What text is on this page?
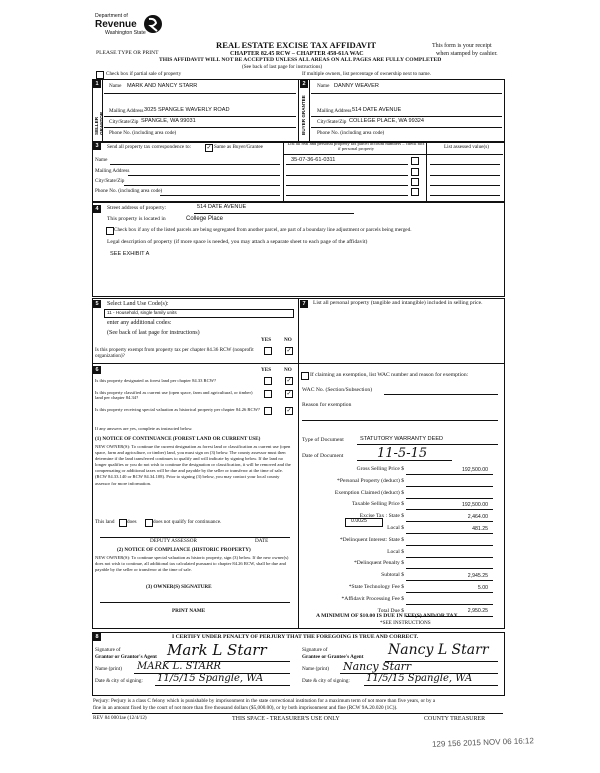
Department of
Revenue
Washington State
PLEASE TYPE OR PRINT
REAL ESTATE EXCISE TAX AFFIDAVIT
CHAPTER 82.45 RCW – CHAPTER 458-61A WAC
THIS AFFIDAVIT WILL NOT BE ACCEPTED UNLESS ALL AREAS ON ALL PAGES ARE FULLY COMPLETED
(See back of last page for instructions)
This form is your receipt
when stamped by cashier.
Check box if partial sale of property	If multiple owners, list percentage of ownership next to name.
1
SELLER GRANTOR
Name MARK AND NANCY STARR
Mailing Address 3025 SPANGLE WAVERLY ROAD
City/State/Zip SPANGLE, WA 99031
Phone No. (including area code)
2
BUYER GRANTEE
Name DANNY WEAVER
Mailing Address 514 DATE AVENUE
City/State/Zip COLLEGE PLACE, WA 99324
Phone No. (including area code)
3	Send all property tax correspondence to:	✓ Same as Buyer/Grantee
List all real and personal property tax parcel account numbers – check box if personal property	List assessed value(s)
35-07-36-61-0311
Name
Mailing Address
City/State/Zip
Phone No. (including area code)
4	Street address of property:	514 DATE AVENUE
This property is located in	College Place
Check box if any of the listed parcels are being segregated from another parcel, are part of a boundary line adjustment or parcels being merged.
Legal description of property (if more space is needed, you may attach a separate sheet to each page of the affidavit)
SEE EXHIBIT A
5	Select Land Use Code(s):
11 - Household, single family units
enter any additional codes:
(See back of last page for instructions)
YES NO
Is this property exempt from property tax per chapter 84.36 RCW (nonprofit organization)?
✓
6	YES NO
Is this property designated as forest land per chapter 84.33 RCW?	✓
Is this property classified as current use (open space, farm and agricultural, or timber) land per chapter 84.34?
✓
Is this property receiving special valuation as historical property per chapter 84.26 RCW?	✓
If any answers are yes, complete as instructed below.
(1) NOTICE OF CONTINUANCE (FOREST LAND OR CURRENT USE)
NEW OWNER(S): To continue the current designation as forest land or classification as current use (open space, farm and agriculture, or timber) land, you must sign on (3) below. The county assessor must then determine if the land transferred continues to qualify and will indicate by signing below. If the land no longer qualifies or you do not wish to continue the designation or classification, it will be removed and the compensating or additional taxes will be due and payable by the seller or transferor at the time of sale. (RCW 84.33.140 or RCW 84.34.108). Prior to signing (3) below, you may contact your local county assessor for more information.
This land does	does not qualify for continuance.
DEPUTY ASSESSOR	DATE
(2) NOTICE OF COMPLIANCE (HISTORIC PROPERTY)
NEW OWNER(S): To continue special valuation as historic property, sign (3) below. If the new owner(s) does not wish to continue, all additional tax calculated pursuant to chapter 84.26 RCW, shall be due and payable by the seller or transferor at the time of sale.
(3) OWNER(S) SIGNATURE
PRINT NAME
7	List all personal property (tangible and intangible) included in selling price.
If claiming an exemption, list WAC number and reason for exemption:
WAC No. (Section/Subsection)
Reason for exemption
Type of Document	STATUTORY WARRANTY DEED
Date of Document	11-5-15
Gross Selling Price $	192,500.00
*Personal Property (deduct) $
Exemption Claimed (deduct) $
Taxable Selling Price $	192,500.00
Excise Tax : State $	2,464.00
Local $	481.25
*Delinquent Interest: State $
Local $
*Delinquent Penalty $
Subtotal $	2,945.25
*State Technology Fee $	5.00
*Affidavit Processing Fee $
Total Due $	2,950.25
0.0025
A MINIMUM OF $10.00 IS DUE IN FEE(S) AND/OR TAX
*SEE INSTRUCTIONS
8	I CERTIFY UNDER PENALTY OF PERJURY THAT THE FOREGOING IS TRUE AND CORRECT.
Signature of
Grantor or Grantor's Agent Mark L Starr
Name (print) MARK L. STARR
Date & city of signing: 11/5/15 Spangle, WA
Signature of
Grantee or Grantee's Agent Nancy L Starr
Name (print) Nancy Starr
Date & city of signing: 11/5/15 Spangle, WA
Perjury: Perjury is a class C felony which is punishable by imprisonment in the state correctional institution for a maximum term of not more than five years, or by a
fine in an amount fixed by the court of not more than five thousand dollars ($5,000.00), or by both imprisonment and fine (RCW 9A.20.020 (1C)).
REV 84 0001ae (12/4/12)	THIS SPACE - TREASURER'S USE ONLY	COUNTY TREASURER
129 156 2015 NOV 06 16:12
